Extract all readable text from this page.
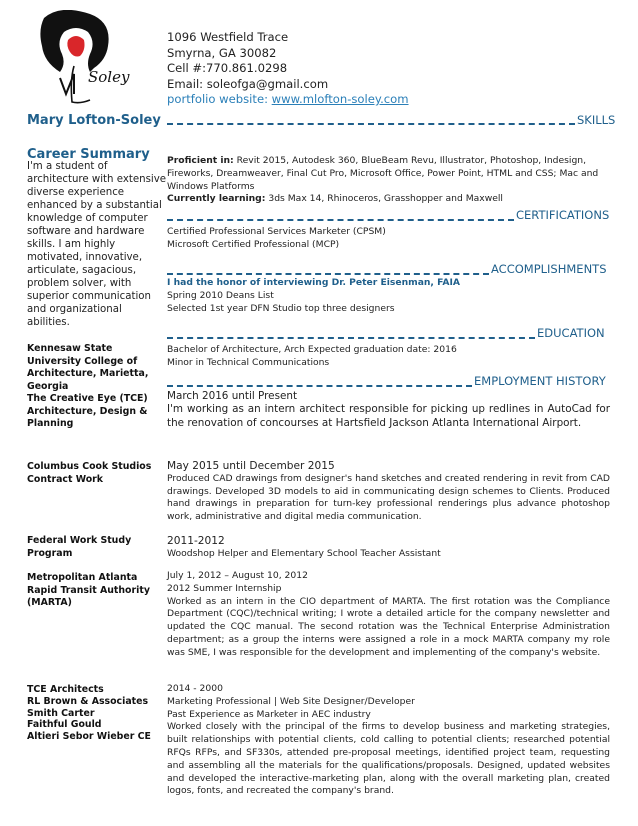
Soley
1096 Westfield Trace
Smyrna, GA 30082
Cell #:770.861.0298
Email: soleofga@gmail.com
portfolio website: www.mlofton-soley.com
Mary Lofton-Soley	SKILLS
Career Summary
I'm a student of architecture with extensive diverse experience enhanced by a substantial knowledge of computer software and hardware skills. I am highly motivated, innovative, articulate, sagacious, problem solver, with superior communication and organizational abilities.
Proficient in: Revit 2015, Autodesk 360, BlueBeam Revu, Illustrator, Photoshop, Indesign, Fireworks, Dreamweaver, Final Cut Pro, Microsoft Office, Power Point, HTML and CSS; Mac and Windows Platforms
Currently learning: 3ds Max 14, Rhinoceros, Grasshopper and Maxwell
CERTIFICATIONS
Certified Professional Services Marketer (CPSM)
Microsoft Certified Professional (MCP)
ACCOMPLISHMENTS
I had the honor of interviewing Dr. Peter Eisenman, FAIA
Spring 2010 Deans List
Selected 1st year DFN Studio top three designers
EDUCATION
Kennesaw State University College of Architecture, Marietta, Georgia
Bachelor of Architecture, Arch Expected graduation date: 2016
Minor in Technical Communications
EMPLOYMENT HISTORY
The Creative Eye (TCE) Architecture, Design & Planning
March 2016 until Present
I'm working as an intern architect responsible for picking up redlines in AutoCad for the renovation of concourses at Hartsfield Jackson Atlanta International Airport.
Columbus Cook Studios Contract Work
May 2015 until December 2015
Produced CAD drawings from designer's hand sketches and created rendering in revit from CAD drawings. Developed 3D models to aid in communicating design schemes to Clients. Produced hand drawings in preparation for turn-key professional renderings plus advance photoshop work, administrative and digital media communication.
Federal Work Study Program
2011-2012
Woodshop Helper and Elementary School Teacher Assistant
Metropolitan Atlanta Rapid Transit Authority (MARTA)
July 1, 2012 – August 10, 2012
2012 Summer Internship
Worked as an intern in the CIO department of MARTA. The first rotation was the Compliance Department (CQC)/technical writing; I wrote a detailed article for the company newsletter and updated the CQC manual. The second rotation was the Technical Enterprise Administration department; as a group the interns were assigned a role in a mock MARTA company my role was SME, I was responsible for the development and implementing of the company's website.
TCE Architects
RL Brown & Associates
Smith Carter
Faithful Gould
Altieri Sebor Wieber CE
2014 - 2000
Marketing Professional | Web Site Designer/Developer
Past Experience as Marketer in AEC industry
Worked closely with the principal of the firms to develop business and marketing strategies, built relationships with potential clients, cold calling to potential clients; researched potential RFQs RFPs, and SF330s, attended pre-proposal meetings, identified project team, requesting and assembling all the materials for the qualifications/proposals. Designed, updated websites and developed the interactive-marketing plan, along with the overall marketing plan, created logos, fonts, and recreated the company's brand.
